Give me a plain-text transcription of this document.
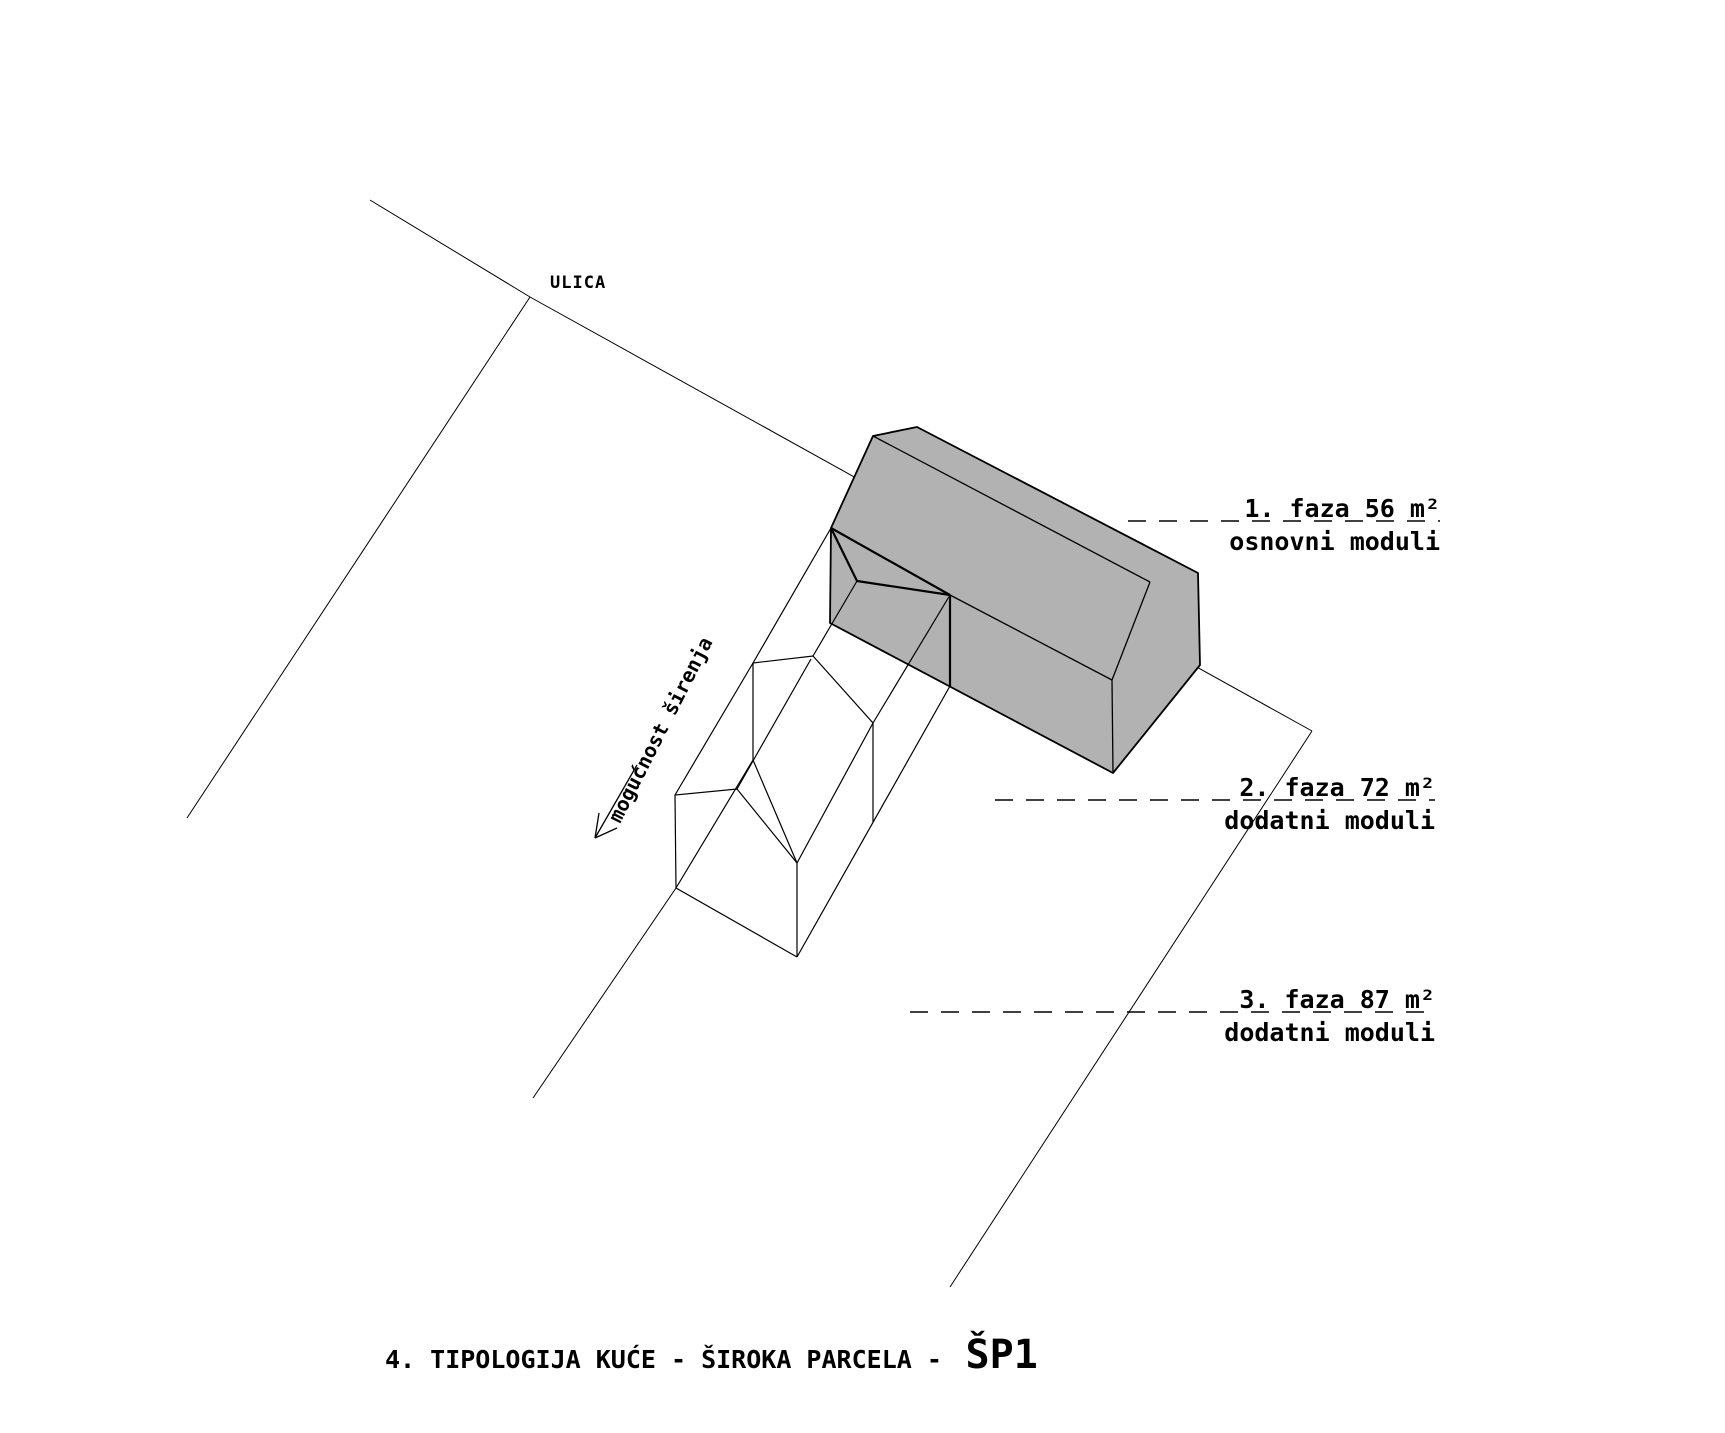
mogućnost širenja
1. faza 56 m²
osnovni moduli
2. faza 72 m²
dodatni moduli
3. faza 87 m²
dodatni moduli
ULICA
4. TIPOLOGIJA KUĆE - ŠIROKA PARCELA - ŠP1
